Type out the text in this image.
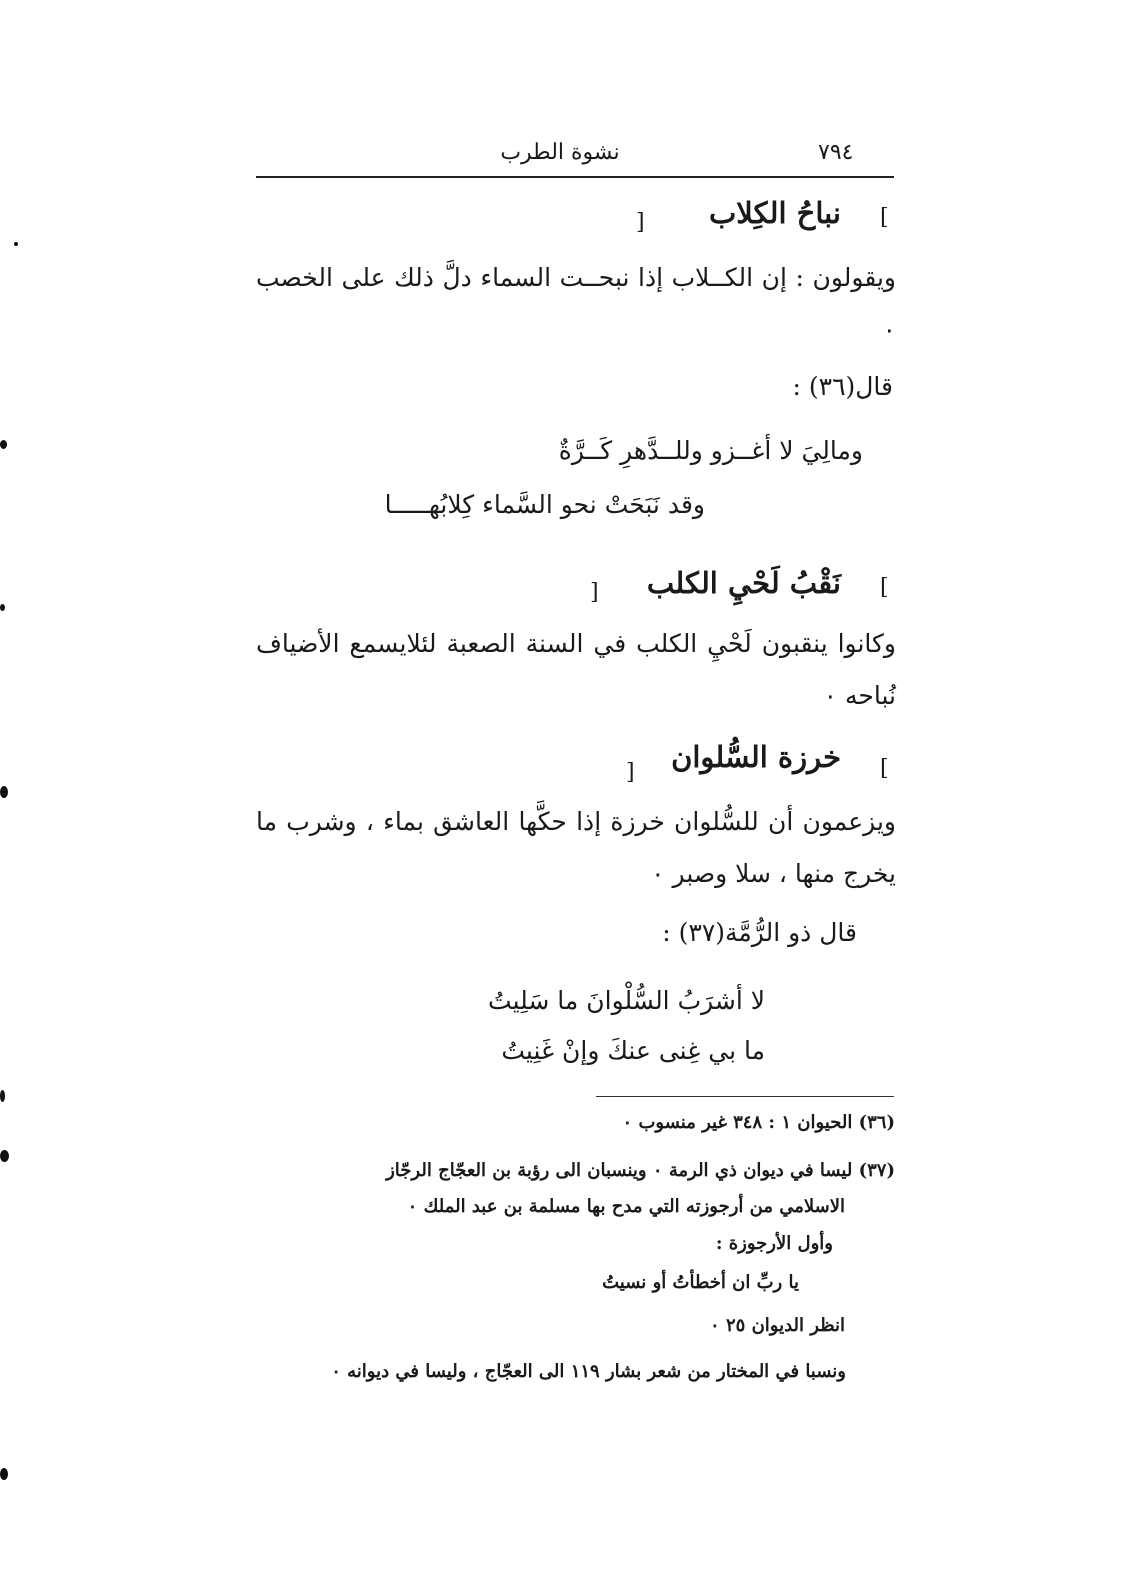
٧٩٤
نشوة الطرب
[
نباحُ الكِلاب
]
ويقولون : إن الكــلاب إذا نبحــت السماء دلَّ ذلك على الخصب ٠
قال(٣٦) :
ومالِيَ لا أغــزو وللــدَّهرِ كَــرَّةٌ
وقد نَبَحَتْ نحو السَّماء كِلابُهـــــا
[
نَقْبُ لَحْيِ الكلب
]
وكانوا ينقبون لَحْيِ الكلب في السنة الصعبة لئلايسمع الأضياف نُباحه ٠
[
خرزة السُّلوان
]
ويزعمون أن للسُّلوان خرزة إذا حكَّها العاشق بماء ، وشرب ما يخرج منها ، سلا وصبر ٠
قال ذو الرُّمَّة(٣٧) :
لا أشرَبُ السُّلْوانَ ما سَلِيتُ
ما بي غِنى عنكَ وإنْ غَنِيتُ
(٣٦) الحيوان ١ : ٣٤٨ غير منسوب ٠
(٣٧) ليسا في ديوان ذي الرمة ٠ وينسبان الى رؤبة بن العجّاج الرجّاز
الاسلامي من أرجوزته التي مدح بها مسلمة بن عبد الملك ٠
وأول الأرجوزة :
يا ربِّ ان أخطأتُ أو نسيتُ
انظر الديوان ٢٥ ٠
ونسبا في المختار من شعر بشار ١١٩ الى العجّاج ، وليسا في ديوانه ٠
